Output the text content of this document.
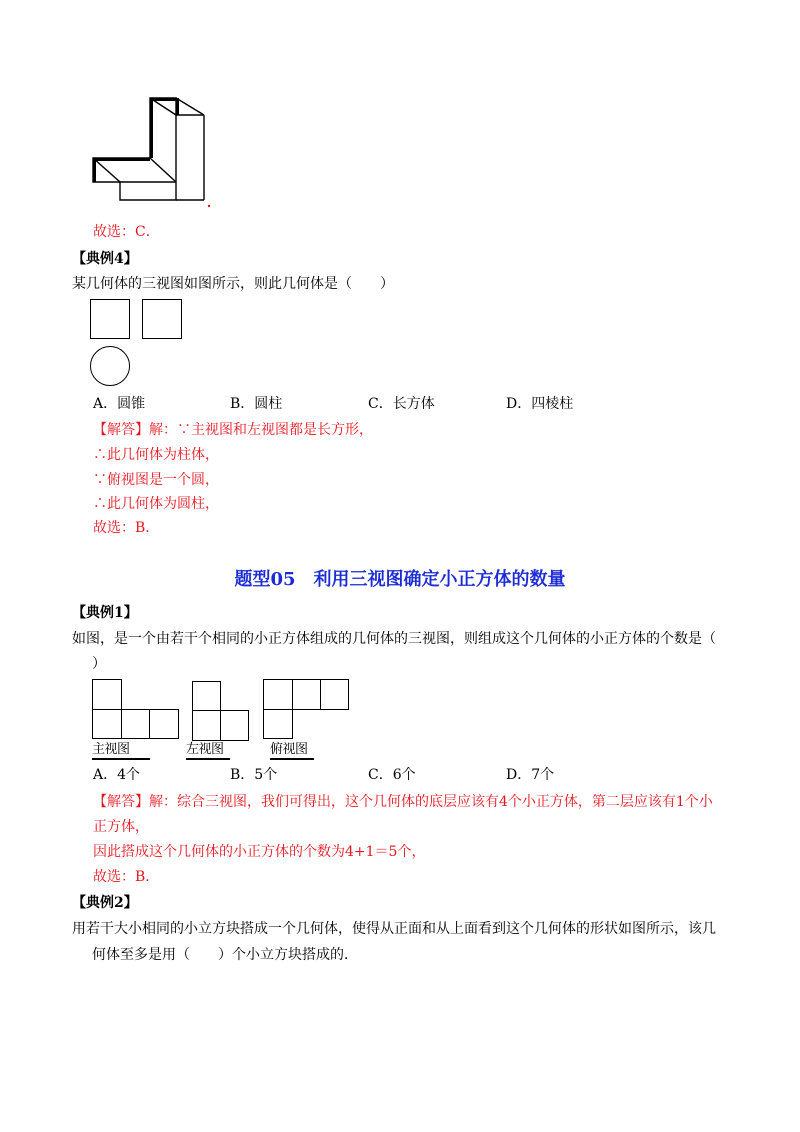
故选：C．
【典例4】
某几何体的三视图如图所示，则此几何体是（　　）
A．圆锥	B．圆柱	C．长方体	D．四棱柱
【解答】解：∵主视图和左视图都是长方形，
∴此几何体为柱体，
∵俯视图是一个圆，
∴此几何体为圆柱，
故选：B．
题型05　利用三视图确定小正方体的数量
【典例1】
如图，是一个由若干个相同的小正方体组成的几何体的三视图，则组成这个几何体的小正方体的个数是（
）
主视图	左视图	俯视图
A．4个	B．5个	C．6个	D．7个
【解答】解：综合三视图，我们可得出，这个几何体的底层应该有4个小正方体，第二层应该有1个小
正方体，
因此搭成这个几何体的小正方体的个数为4+1＝5个，
故选：B．
【典例2】
用若干大小相同的小立方块搭成一个几何体，使得从正面和从上面看到这个几何体的形状如图所示，该几
何体至多是用（　　）个小立方块搭成的．
